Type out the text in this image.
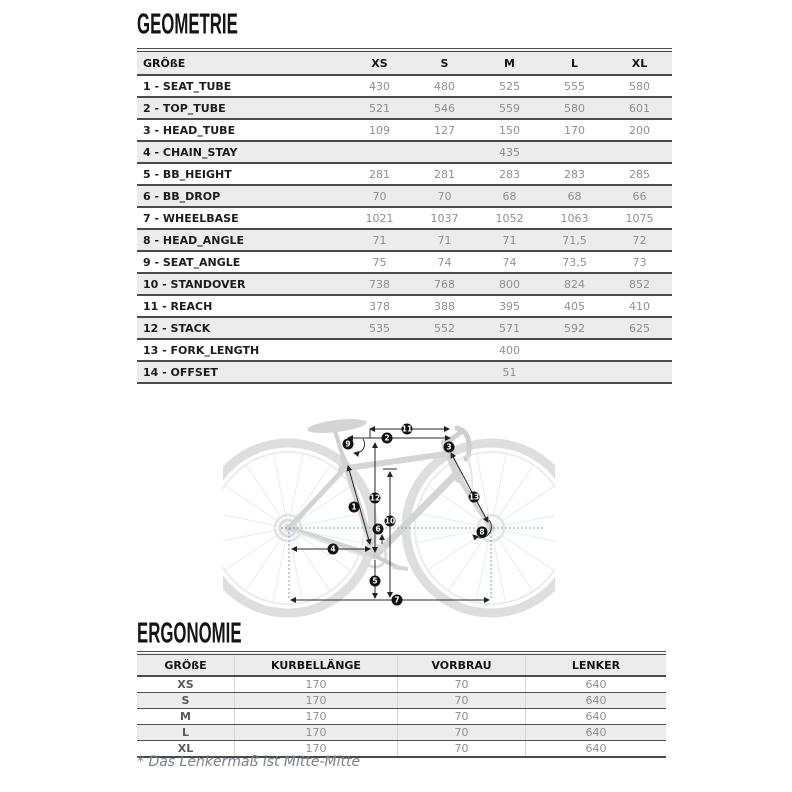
GEOMETRIE
GRÖßE	XS	S	M	L	XL
1 - SEAT_TUBE	430	480	525	555	580
2 - TOP_TUBE	521	546	559	580	601
3 - HEAD_TUBE	109	127	150	170	200
4 - CHAIN_STAY			435		
5 - BB_HEIGHT	281	281	283	283	285
6 - BB_DROP	70	70	68	68	66
7 - WHEELBASE	1021	1037	1052	1063	1075
8 - HEAD_ANGLE	71	71	71	71,5	72
9 - SEAT_ANGLE	75	74	74	73,5	73
10 - STANDOVER	738	768	800	824	852
11 - REACH	378	388	395	405	410
12 - STACK	535	552	571	592	625
13 - FORK_LENGTH			400		
14 - OFFSET			51		
1
2
3
4
5
6
7
8
9
10
11
12	13
ERGONOMIE
GRÖßE	KURBELLÄNGE	VORBRAU	LENKER
XS	170	70	640
S	170	70	640
M	170	70	640
L	170	70	640
XL	170	70	640
* Das Lenkermaß ist Mitte-Mitte
